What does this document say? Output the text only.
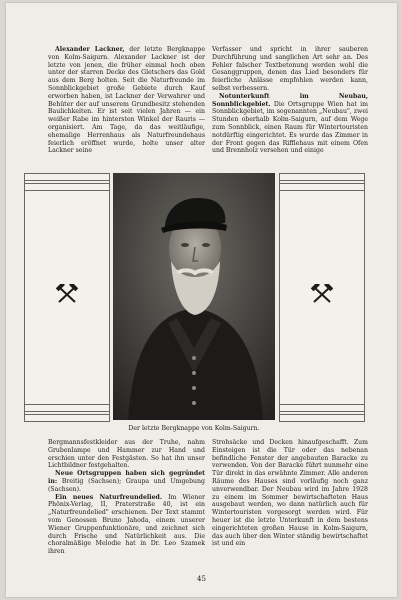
Alexander Lackner, der letzte Bergknappe von Kolm-Saigurn. Alexander Lackner ist der letzte von jenen, die früher einmal hoch oben unter der starren Decke des Gletschers das Gold aus dem Berg holten. Seit die Naturfreunde im Sonnblickgebiet große Gebiete durch Kauf erworben haben, ist Lackner der Verwahrer und Behüter der auf unserem Grundbesitz stehenden Baulichkeiten. Er ist seit vielen Jahren — ein weißer Rabe im hintersten Winkel der Rauris — organisiert. Am Tage, da das weitläufige, ehemalige Herrenhaus als Naturfreundehaus feierlich eröffnet wurde, holte unser alter Lackner seine

Verfasser und spricht in ihrer sauberen Durchführung und sanglichen Art sehr an. Des Fehler falscher Textbetonung werden wohl die Gesanggruppen, denen das Lied besonders für feierliche Anlässe empfohlen werden kann, selbst verbessern.

Notunterkunft im Neubau, Sonnblickgebiet. Die Ortsgruppe Wien hat im Sonnblickgebiet, im sogenannten „Neubau", zwei Stunden oberhalb Kolm-Saigurn, auf dem Wege zum Sonnblick, einen Raum für Wintertouristen notdürftig eingerichtet. Es wurde das Zimmer in der Front gegen das Rifflehaus mit einem Ofen und Brennholz versehen und einige

Der letzte Bergknappe von Kolm-Saigurn.

Bergmannsfestkleider aus der Truhe, nahm Grubenlampe und Hammer zur Hand und erschien unter den Festgästen. So hat ihn unser Lichtbildner festgehalten.

Neue Ortsgruppen haben sich gegründet in: Breitig (Sachsen); Graupa und Umgebung (Sachsen).

Ein neues Naturfreundelied. Im Wiener Phönix-Verlag, II, Praterstraße 40, ist ein „Naturfreundelied" erschienen. Der Text stammt vom Genossen Bruno Jahoda, einem unserer Wiener Gruppenfunktionäre, und zeichnet sich durch Frische und Natürlichkeit aus. Die choralmäßige Melodie hat in Dr. Leo Szamek ihren

Strohsäcke und Decken hinaufgeschafft. Zum Einsteigen ist die Tür oder das nebenan befindliche Fenster der angebauten Baracke zu verwenden. Von der Baracke führt nunmehr eine Tür direkt in das erwähnte Zimmer. Alle anderen Räume des Hauses sind vorläufig noch ganz unverwendbar. Der Neubau wird im Jahre 1928 zu einem im Sommer bewirtschafteten Haus ausgebaut werden, wo dann natürlich auch für Wintertouristen vorgesorgt werden wird. Für heuer ist die letzte Unterkunft in dem bestens eingerichteten großen Hause in Kolm-Saigurn, das auch über den Winter ständig bewirtschaftet ist und ein

45
